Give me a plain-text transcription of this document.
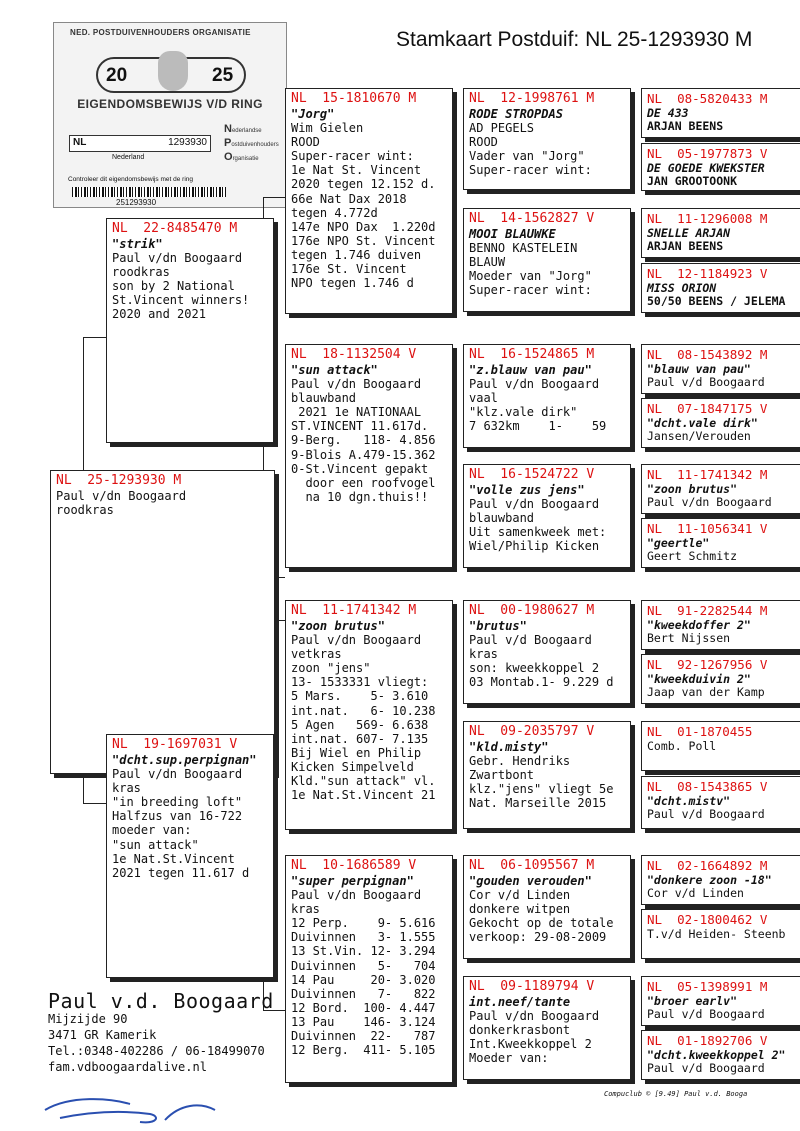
Stamkaart Postduif: NL 25-1293930 M
NED. POSTDUIVENHOUDERS ORGANISATIE
20	25
EIGENDOMSBEWIJS V/D RING
NL	1293930
Nederland
Nederlandse
Postduivenhouders
Organisatie
Controleer dit eigendomsbewijs met de ring
251293930
NL  25-1293930 M
Paul v/dn Boogaard
roodkras
NL  22-8485470 M
"strik"
Paul v/dn Boogaard
roodkras
son by 2 National
St.Vincent winners!
2020 and 2021
NL  19-1697031 V
"dcht.sup.perpignan"
Paul v/dn Boogaard
kras
"in breeding loft"
Halfzus van 16-722
moeder van:
"sun attack"
1e Nat.St.Vincent
2021 tegen 11.617 d
NL  15-1810670 M
"Jorg"
Wim Gielen
ROOD
Super-racer wint:
1e Nat St. Vincent
2020 tegen 12.152 d.
66e Nat Dax 2018
tegen 4.772d
147e NPO Dax  1.220d
176e NPO St. Vincent
tegen 1.746 duiven
176e St. Vincent
NPO tegen 1.746 d
NL  18-1132504 V
"sun attack"
Paul v/dn Boogaard
blauwband
2021 1e NATIONAAL
ST.VINCENT 11.617d.
9-Berg.   118- 4.856
9-Blois A.479-15.362
0-St.Vincent gepakt
door een roofvogel
na 10 dgn.thuis!!
NL  11-1741342 M
"zoon brutus"
Paul v/dn Boogaard
vetkras
zoon "jens"
13- 1533331 vliegt:
5 Mars.    5- 3.610
int.nat.   6- 10.238
5 Agen   569- 6.638
int.nat. 607- 7.135
Bij Wiel en Philip
Kicken Simpelveld
Kld."sun attack" vl.
1e Nat.St.Vincent 21
NL  10-1686589 V
"super perpignan"
Paul v/dn Boogaard
kras
12 Perp.    9- 5.616
Duivinnen   3- 1.555
13 St.Vin. 12- 3.294
Duivinnen   5-   704
14 Pau     20- 3.020
Duivinnen   7-   822
12 Bord.  100- 4.447
13 Pau    146- 3.124
Duivinnen  22-   787
12 Berg.  411- 5.105
NL  12-1998761 M
RODE STROPDAS
AD PEGELS
ROOD
Vader van "Jorg"
Super-racer wint:
NL  14-1562827 V
MOOI BLAUWKE
BENNO KASTELEIN
BLAUW
Moeder van "Jorg"
Super-racer wint:
NL  16-1524865 M
"z.blauw van pau"
Paul v/dn Boogaard
vaal
"klz.vale dirk"
7 632km    1-    59
NL  16-1524722 V
"volle zus jens"
Paul v/dn Boogaard
blauwband
Uit samenkweek met:
Wiel/Philip Kicken
NL  00-1980627 M
"brutus"
Paul v/d Boogaard
kras
son: kweekkoppel 2
03 Montab.1- 9.229 d
NL  09-2035797 V
"kld.misty"
Gebr. Hendriks
Zwartbont
klz."jens" vliegt 5e
Nat. Marseille 2015
NL  06-1095567 M
"gouden verouden"
Cor v/d Linden
donkere witpen
Gekocht op de totale
verkoop: 29-08-2009
NL  09-1189794 V
int.neef/tante
Paul v/dn Boogaard
donkerkrasbont
Int.Kweekkoppel 2
Moeder van:
NL  08-5820433 M
DE 433
ARJAN BEENS
NL  05-1977873 V
DE GOEDE KWEKSTER
JAN GROOTOONK
NL  11-1296008 M
SNELLE ARJAN
ARJAN BEENS
NL  12-1184923 V
MISS ORION
50/50 BEENS / JELEMA
NL  08-1543892 M
"blauw van pau"
Paul v/d Boogaard
NL  07-1847175 V
"dcht.vale dirk"
Jansen/Verouden
NL  11-1741342 M
"zoon brutus"
Paul v/dn Boogaard
NL  11-1056341 V
"geertle"
Geert Schmitz
NL  91-2282544 M
"kweekdoffer 2"
Bert Nijssen
NL  92-1267956 V
"kweekduivin 2"
Jaap van der Kamp
NL  01-1870455
Comb. Poll
NL  08-1543865 V
"dcht.mistv"
Paul v/d Boogaard
NL  02-1664892 M
"donkere zoon -18"
Cor v/d Linden
NL  02-1800462 V
T.v/d Heiden- Steenb
NL  05-1398991 M
"broer earlv"
Paul v/d Boogaard
NL  01-1892706 V
"dcht.kweekkoppel 2"
Paul v/d Boogaard
Paul v.d. Boogaard
Mijzijde 90
3471 GR Kamerik
Tel.:0348-402286 / 06-18499070
fam.vdboogaardalive.nl
Compuclub © [9.49] Paul v.d. Booga
